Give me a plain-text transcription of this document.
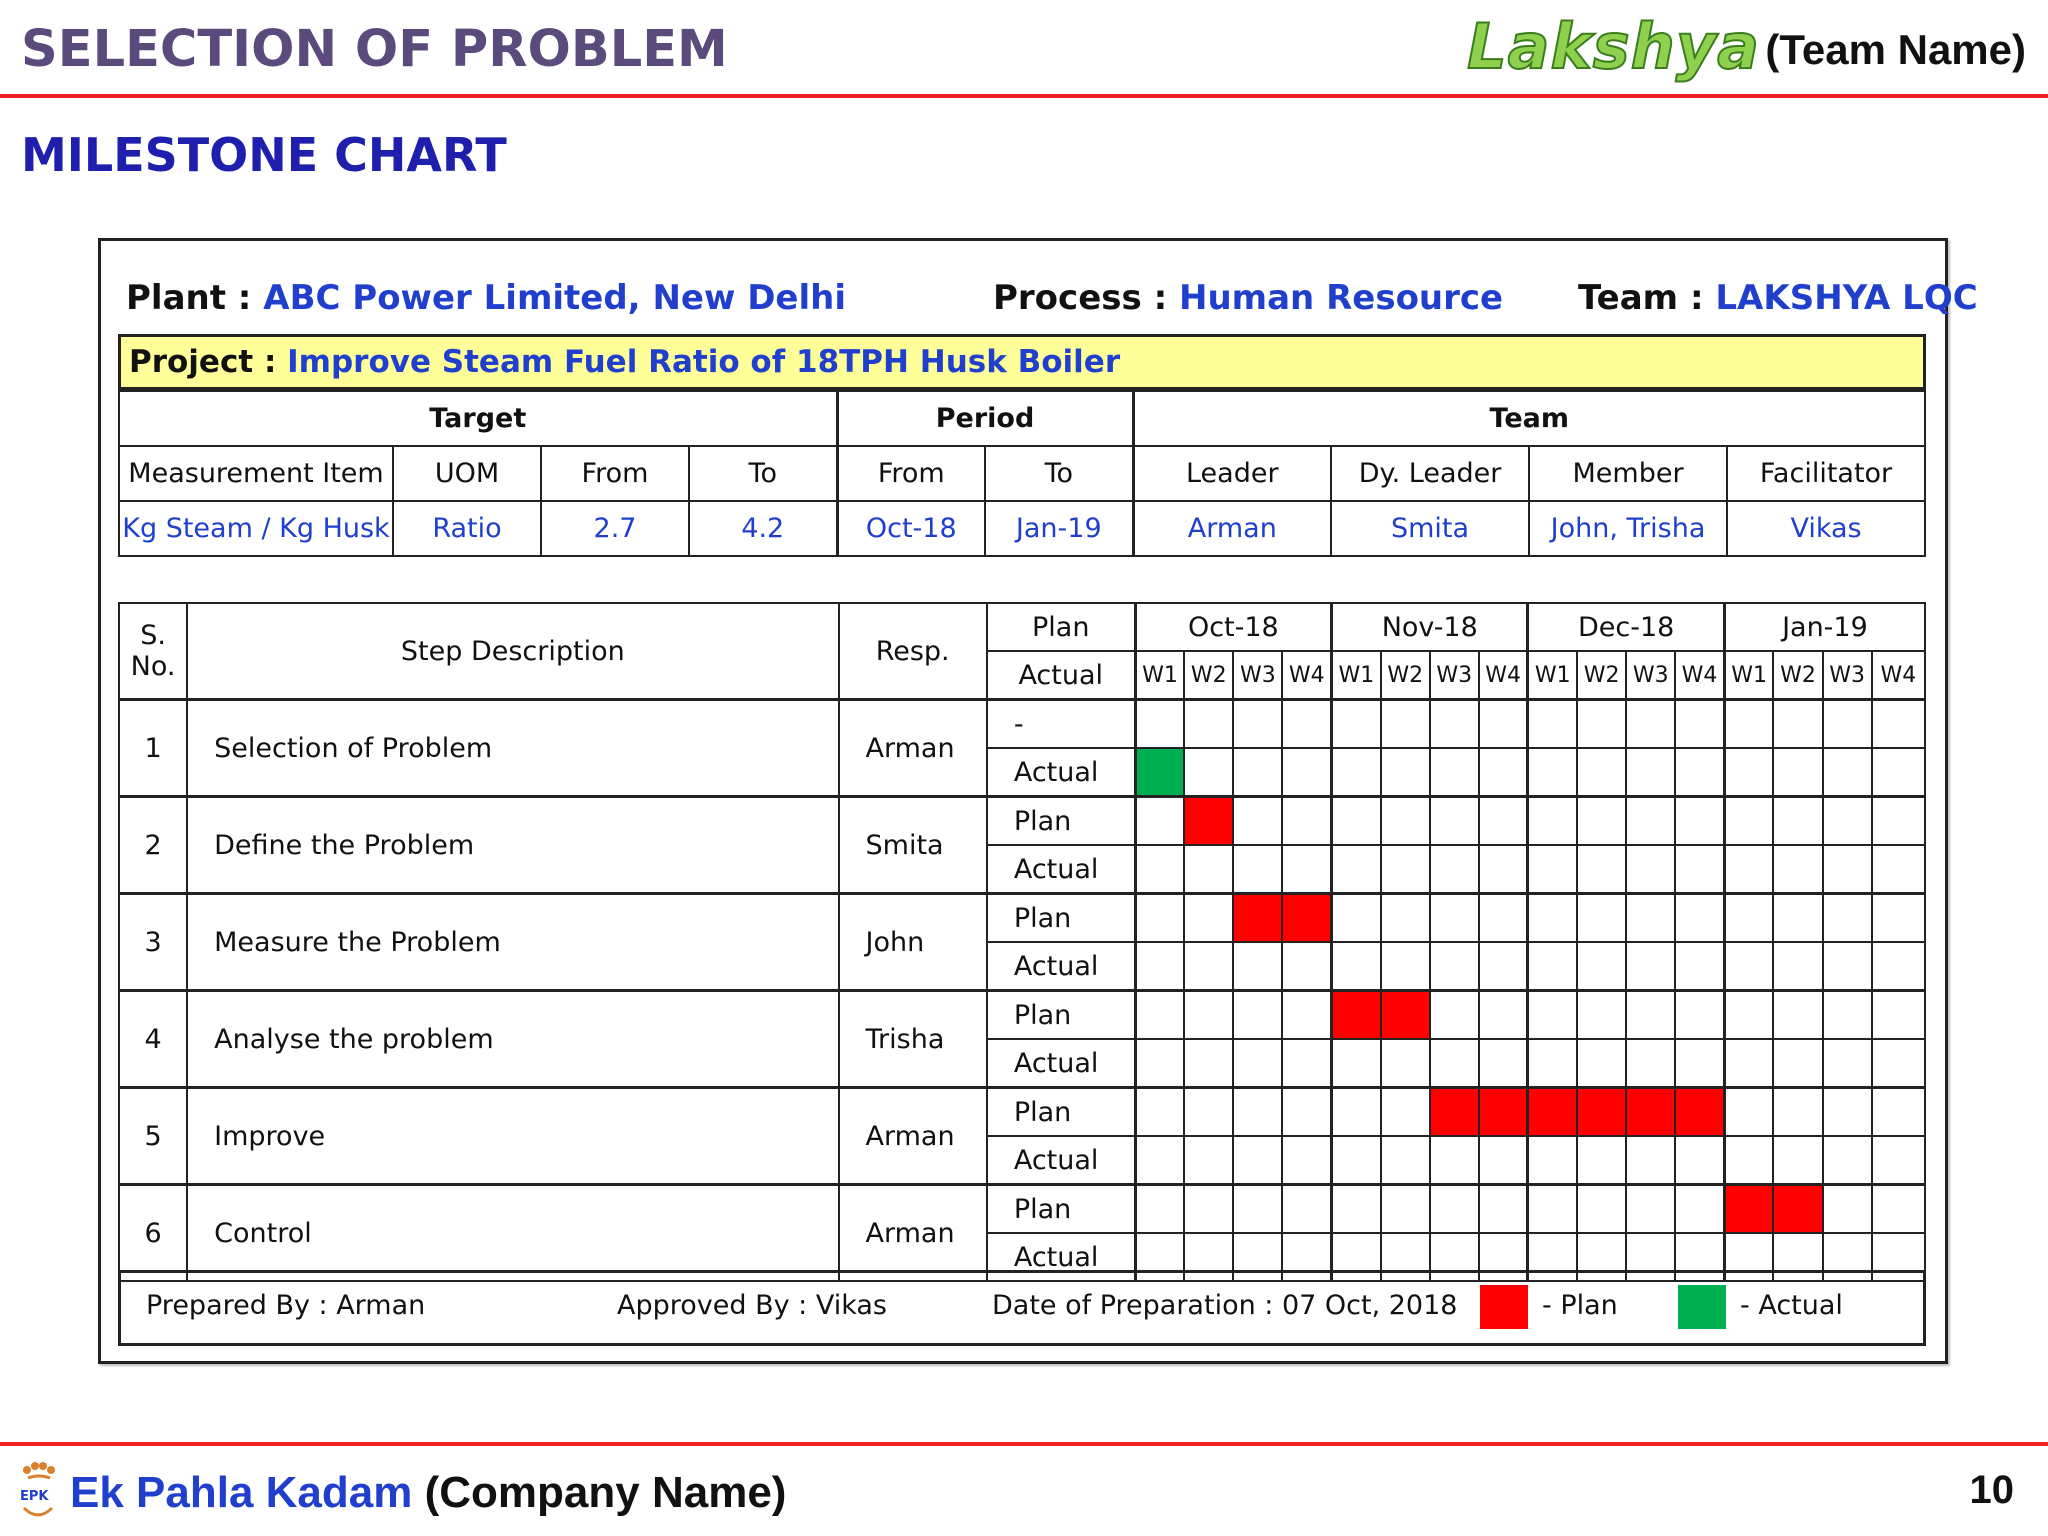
SELECTION OF PROBLEM	Lakshya (Team Name)
MILESTONE CHART
Plant : ABC Power Limited, New Delhi	Process : Human Resource Team : LAKSHYA LQC
Project : Improve Steam Fuel Ratio of 18TPH Husk Boiler
Target				Period		Team			
Measurement Item	UOM	From	To	From	To	Leader	Dy. Leader	Member	Facilitator
Kg Steam / Kg Husk	Ratio	2.7	4.2	Oct-18	Jan-19	Arman	Smita	John, Trisha	Vikas
S.
No.	Step Description	Resp.	Plan	Oct-18				Nov-18				Dec-18				Jan-19			
			Actual	W1	W2	W3	W4	W1	W2	W3	W4	W1	W2	W3	W4	W1	W2	W3	W4
1	Selection of Problem	Arman	-																
			Actual																
2	Define the Problem	Smita	Plan																
			Actual																
3	Measure the Problem	John	Plan																
			Actual																
4	Analyse the problem	Trisha	Plan																
			Actual																
5	Improve	Arman	Plan																
			Actual																
6	Control	Arman	Plan																
			Actual																
Prepared By : Arman	Approved By : Vikas	Date of Preparation : 07 Oct, 2018	- Plan	- Actual
EPK Ek Pahla Kadam (Company Name)	10
